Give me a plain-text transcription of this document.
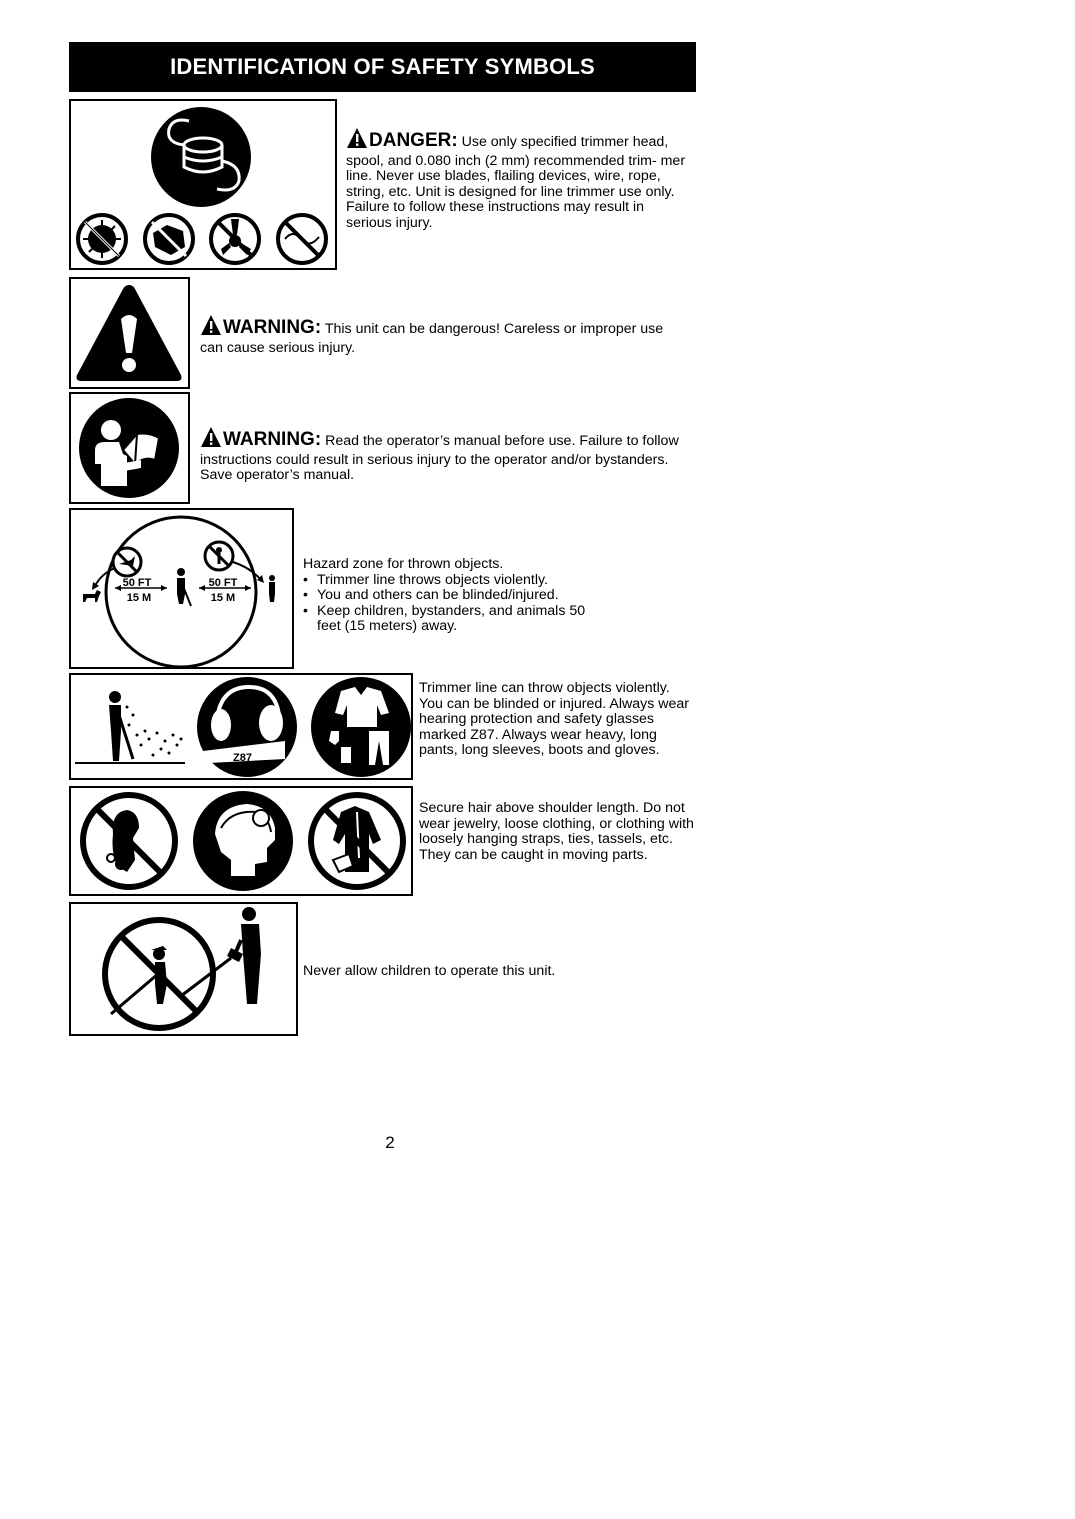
IDENTIFICATION OF SAFETY SYMBOLS
DANGER: Use only specified trimmer head, spool, and 0.080 inch (2 mm) recommended trim- mer line. Never use blades, flailing devices, wire, rope, string, etc. Unit is designed for line trimmer use only. Failure to follow these instructions may result in serious injury.
WARNING: This unit can be dangerous! Careless or improper use can cause serious injury.
WARNING: Read the operator’s manual before use. Failure to follow instructions could result in serious injury to the operator and/or bystanders. Save operator’s manual.
50 FT
15 M
50 FT
15 M
Hazard zone for thrown objects.
• Trimmer line throws objects violently.
• You and others can be blinded/injured.
• Keep children, bystanders, and animals 50 feet (15 meters) away.
Z87
Trimmer line can throw objects violently. You can be blinded or injured. Always wear hearing protection and safety glasses marked Z87. Always wear heavy, long pants, long sleeves, boots and gloves.
Secure hair above shoulder length. Do not wear jewelry, loose clothing, or clothing with loosely hanging straps, ties, tassels, etc. They can be caught in moving parts.
Never allow children to operate this unit.
2
